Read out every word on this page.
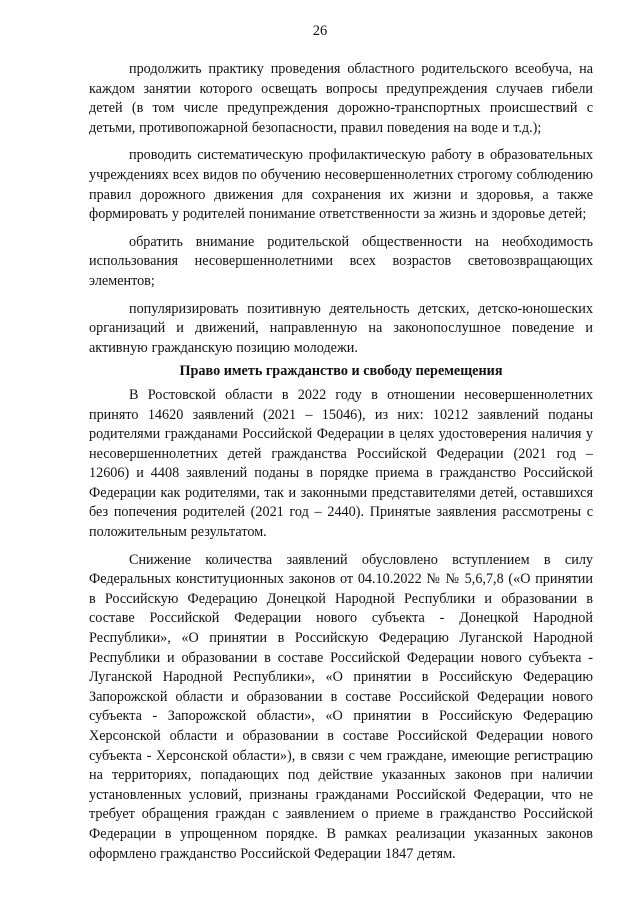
26

продолжить практику проведения областного родительского всеобуча, на каждом занятии которого освещать вопросы предупреждения случаев гибели детей (в том числе предупреждения дорожно-транспортных происшествий с детьми, противопожарной безопасности, правил поведения на воде и т.д.);

проводить систематическую профилактическую работу в образовательных учреждениях всех видов по обучению несовершеннолетних строгому соблюдению правил дорожного движения для сохранения их жизни и здоровья, а также формировать у родителей понимание ответственности за жизнь и здоровье детей;

обратить внимание родительской общественности на необходимость использования несовершеннолетними всех возрастов световозвращающих элементов;

популяризировать позитивную деятельность детских, детско-юношеских организаций и движений, направленную на законопослушное поведение и активную гражданскую позицию молодежи.

Право иметь гражданство и свободу перемещения

В Ростовской области в 2022 году в отношении несовершеннолетних принято 14620 заявлений (2021 – 15046), из них: 10212 заявлений поданы родителями гражданами Российской Федерации в целях удостоверения наличия у несовершеннолетних детей гражданства Российской Федерации (2021 год – 12606) и 4408 заявлений поданы в порядке приема в гражданство Российской Федерации как родителями, так и законными представителями детей, оставшихся без попечения родителей (2021 год – 2440). Принятые заявления рассмотрены с положительным результатом.

Снижение количества заявлений обусловлено вступлением в силу Федеральных конституционных законов от 04.10.2022 № № 5,6,7,8 («О принятии в Российскую Федерацию Донецкой Народной Республики и образовании в составе Российской Федерации нового субъекта - Донецкой Народной Республики», «О принятии в Российскую Федерацию Луганской Народной Республики и образовании в составе Российской Федерации нового субъекта - Луганской Народной Республики», «О принятии в Российскую Федерацию Запорожской области и образовании в составе Российской Федерации нового субъекта - Запорожской области», «О принятии в Российскую Федерацию Херсонской области и образовании в составе Российской Федерации нового субъекта - Херсонской области»), в связи с чем граждане, имеющие регистрацию на территориях, попадающих под действие указанных законов при наличии установленных условий, признаны гражданами Российской Федерации, что не требует обращения граждан с заявлением о приеме в гражданство Российской Федерации в упрощенном порядке. В рамках реализации указанных законов оформлено гражданство Российской Федерации 1847 детям.
